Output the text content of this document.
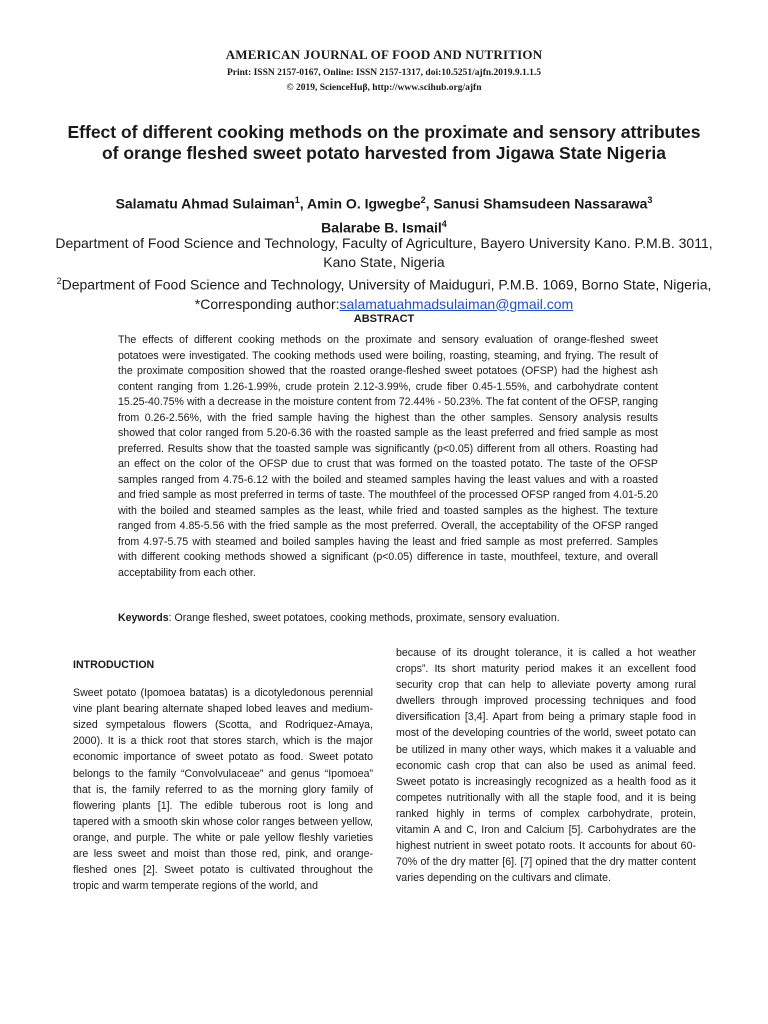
AMERICAN JOURNAL OF FOOD AND NUTRITION
Print: ISSN 2157-0167, Online: ISSN 2157-1317, doi:10.5251/ajfn.2019.9.1.1.5
© 2019, ScienceHuβ, http://www.scihub.org/ajfn
Effect of different cooking methods on the proximate and sensory attributes of orange fleshed sweet potato harvested from Jigawa State Nigeria
Salamatu Ahmad Sulaiman$^1$, Amin O. Igwegbe$^2$, Sanusi Shamsudeen Nassarawa$^3$
Balarabe B. Ismail$^4$
Department of Food Science and Technology, Faculty of Agriculture, Bayero University Kano. P.M.B. 3011, Kano State, Nigeria
$^2$Department of Food Science and Technology, University of Maiduguri, P.M.B. 1069, Borno State, Nigeria, *Corresponding author:salamatuahmadsulaiman@gmail.com
ABSTRACT
The effects of different cooking methods on the proximate and sensory evaluation of orange-fleshed sweet potatoes were investigated. The cooking methods used were boiling, roasting, steaming, and frying. The result of the proximate composition showed that the roasted orange-fleshed sweet potatoes (OFSP) had the highest ash content ranging from 1.26-1.99%, crude protein 2.12-3.99%, crude fiber 0.45-1.55%, and carbohydrate content 15.25-40.75% with a decrease in the moisture content from 72.44% - 50.23%. The fat content of the OFSP, ranging from 0.26-2.56%, with the fried sample having the highest than the other samples. Sensory analysis results showed that color ranged from 5.20-6.36 with the roasted sample as the least preferred and fried sample as most preferred. Results show that the toasted sample was significantly (p<0.05) different from all others. Roasting had an effect on the color of the OFSP due to crust that was formed on the toasted potato. The taste of the OFSP samples ranged from 4.75-6.12 with the boiled and steamed samples having the least values and with a roasted and fried sample as most preferred in terms of taste. The mouthfeel of the processed OFSP ranged from 4.01-5.20 with the boiled and steamed samples as the least, while fried and toasted samples as the highest. The texture ranged from 4.85-5.56 with the fried sample as the most preferred. Overall, the acceptability of the OFSP ranged from 4.97-5.75 with steamed and boiled samples having the least and fried sample as most preferred. Samples with different cooking methods showed a significant (p<0.05) difference in taste, mouthfeel, texture, and overall acceptability from each other.
Keywords: Orange fleshed, sweet potatoes, cooking methods, proximate, sensory evaluation.
INTRODUCTION

Sweet potato (Ipomoea batatas) is a dicotyledonous perennial vine plant bearing alternate shaped lobed leaves and medium-sized sympetalous flowers (Scotta, and Rodriquez-Amaya, 2000). It is a thick root that stores starch, which is the major economic importance of sweet potato as food. Sweet potato belongs to the family “Convolvulaceae” and genus “Ipomoea” that is, the family referred to as the morning glory family of flowering plants [1]. The edible tuberous root is long and tapered with a smooth skin whose color ranges between yellow, orange, and purple. The white or pale yellow fleshly varieties are less sweet and moist than those red, pink, and orange-fleshed ones [2]. Sweet potato is cultivated throughout the tropic and warm temperate regions of the world, and

because of its drought tolerance, it is called a hot weather crops”. Its short maturity period makes it an excellent food security crop that can help to alleviate poverty among rural dwellers through improved processing techniques and food diversification [3,4]. Apart from being a primary staple food in most of the developing countries of the world, sweet potato can be utilized in many other ways, which makes it a valuable and economic cash crop that can also be used as animal feed. Sweet potato is increasingly recognized as a health food as it competes nutritionally with all the staple food, and it is being ranked highly in terms of complex carbohydrate, protein, vitamin A and C, Iron and Calcium [5]. Carbohydrates are the highest nutrient in sweet potato roots. It accounts for about 60-70% of the dry matter [6]. [7] opined that the dry matter content varies depending on the cultivars and climate.
